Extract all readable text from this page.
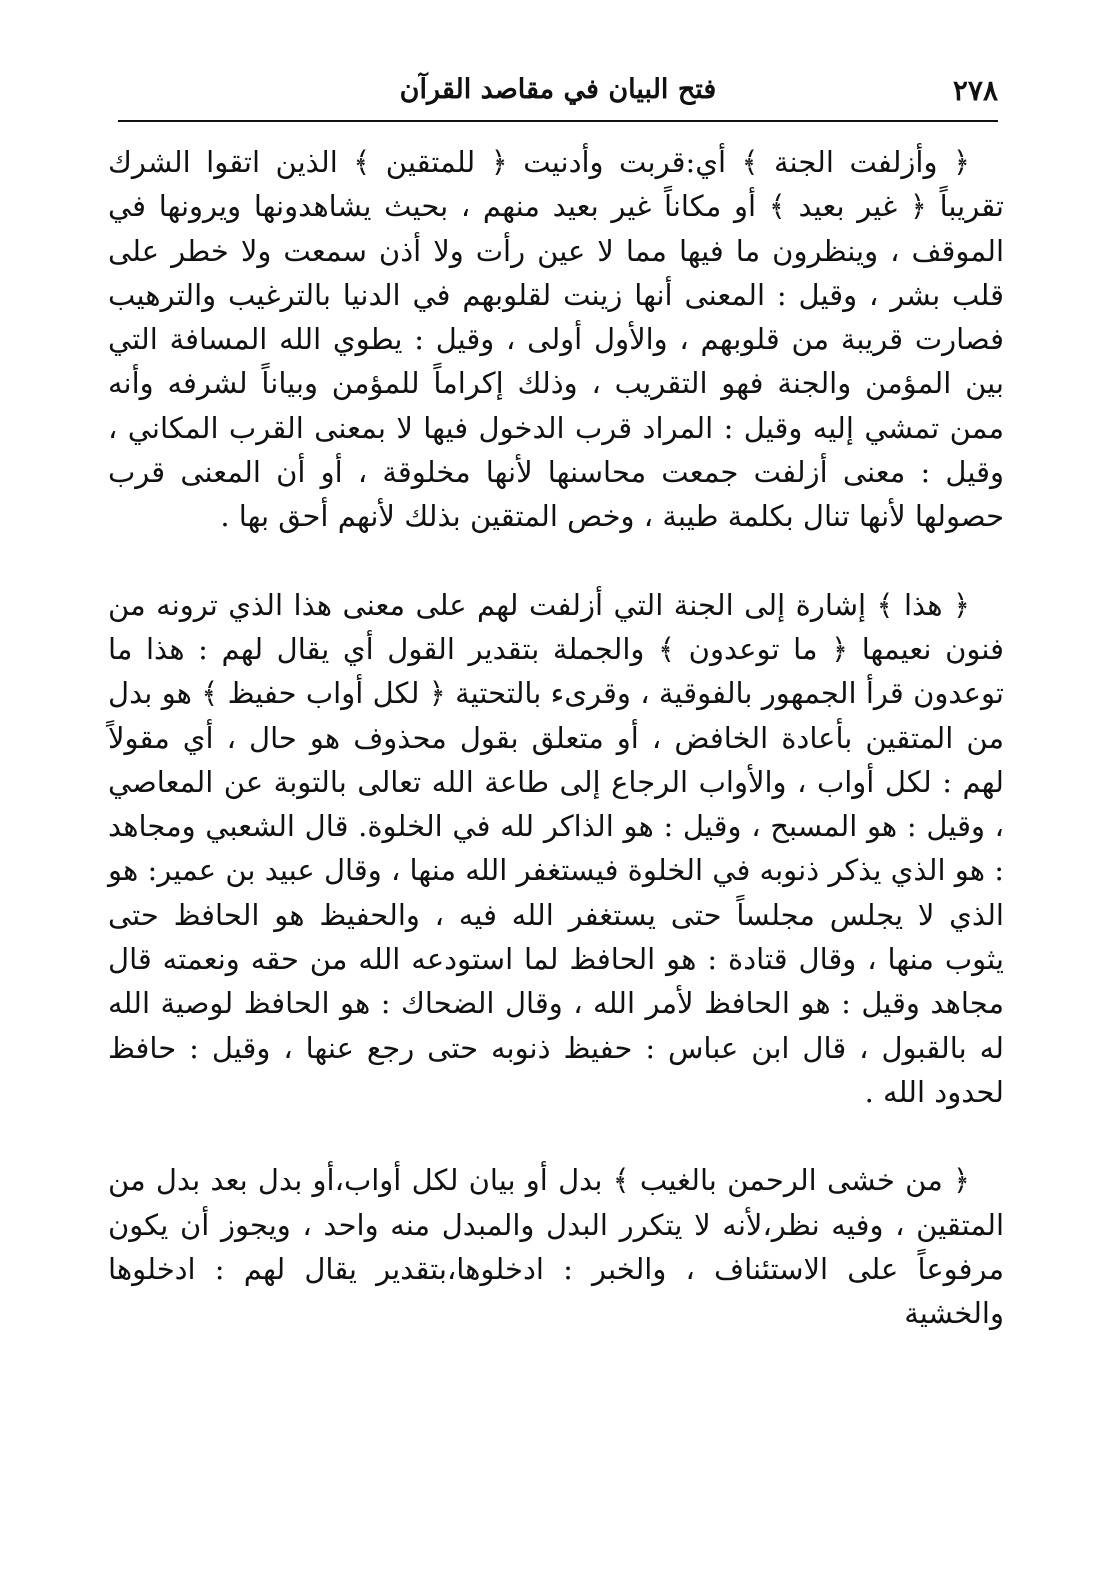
٢٧٨
فتح البيان في مقاصد القرآن

﴿ وأزلفت الجنة ﴾ أي:قربت وأدنيت ﴿ للمتقين ﴾ الذين اتقوا الشرك تقريباً ﴿ غير بعيد ﴾ أو مكاناً غير بعيد منهم ، بحيث يشاهدونها ويرونها في الموقف ، وينظرون ما فيها مما لا عين رأت ولا أذن سمعت ولا خطر على قلب بشر ، وقيل : المعنى أنها زينت لقلوبهم في الدنيا بالترغيب والترهيب فصارت قريبة من قلوبهم ، والأول أولى ، وقيل : يطوي الله المسافة التي بين المؤمن والجنة فهو التقريب ، وذلك إكراماً للمؤمن وبياناً لشرفه وأنه ممن تمشي إليه وقيل : المراد قرب الدخول فيها لا بمعنى القرب المكاني ، وقيل : معنى أزلفت جمعت محاسنها لأنها مخلوقة ، أو أن المعنى قرب حصولها لأنها تنال بكلمة طيبة ، وخص المتقين بذلك لأنهم أحق بها .

﴿ هذا ﴾ إشارة إلى الجنة التي أزلفت لهم على معنى هذا الذي ترونه من فنون نعيمها ﴿ ما توعدون ﴾ والجملة بتقدير القول أي يقال لهم : هذا ما توعدون قرأ الجمهور بالفوقية ، وقرىء بالتحتية ﴿ لكل أواب حفيظ ﴾ هو بدل من المتقين بأعادة الخافض ، أو متعلق بقول محذوف هو حال ، أي مقولاً لهم : لكل أواب ، والأواب الرجاع إلى طاعة الله تعالى بالتوبة عن المعاصي ، وقيل : هو المسبح ، وقيل : هو الذاكر لله في الخلوة. قال الشعبي ومجاهد : هو الذي يذكر ذنوبه في الخلوة فيستغفر الله منها ، وقال عبيد بن عمير: هو الذي لا يجلس مجلساً حتى يستغفر الله فيه ، والحفيظ هو الحافظ حتى يثوب منها ، وقال قتادة : هو الحافظ لما استودعه الله من حقه ونعمته قال مجاهد وقيل : هو الحافظ لأمر الله ، وقال الضحاك : هو الحافظ لوصية الله له بالقبول ، قال ابن عباس : حفيظ ذنوبه حتى رجع عنها ، وقيل : حافظ لحدود الله .

﴿ من خشى الرحمن بالغيب ﴾ بدل أو بيان لكل أواب،أو بدل بعد بدل من المتقين ، وفيه نظر،لأنه لا يتكرر البدل والمبدل منه واحد ، ويجوز أن يكون مرفوعاً على الاستئناف ، والخبر : ادخلوها،بتقدير يقال لهم : ادخلوها والخشية
